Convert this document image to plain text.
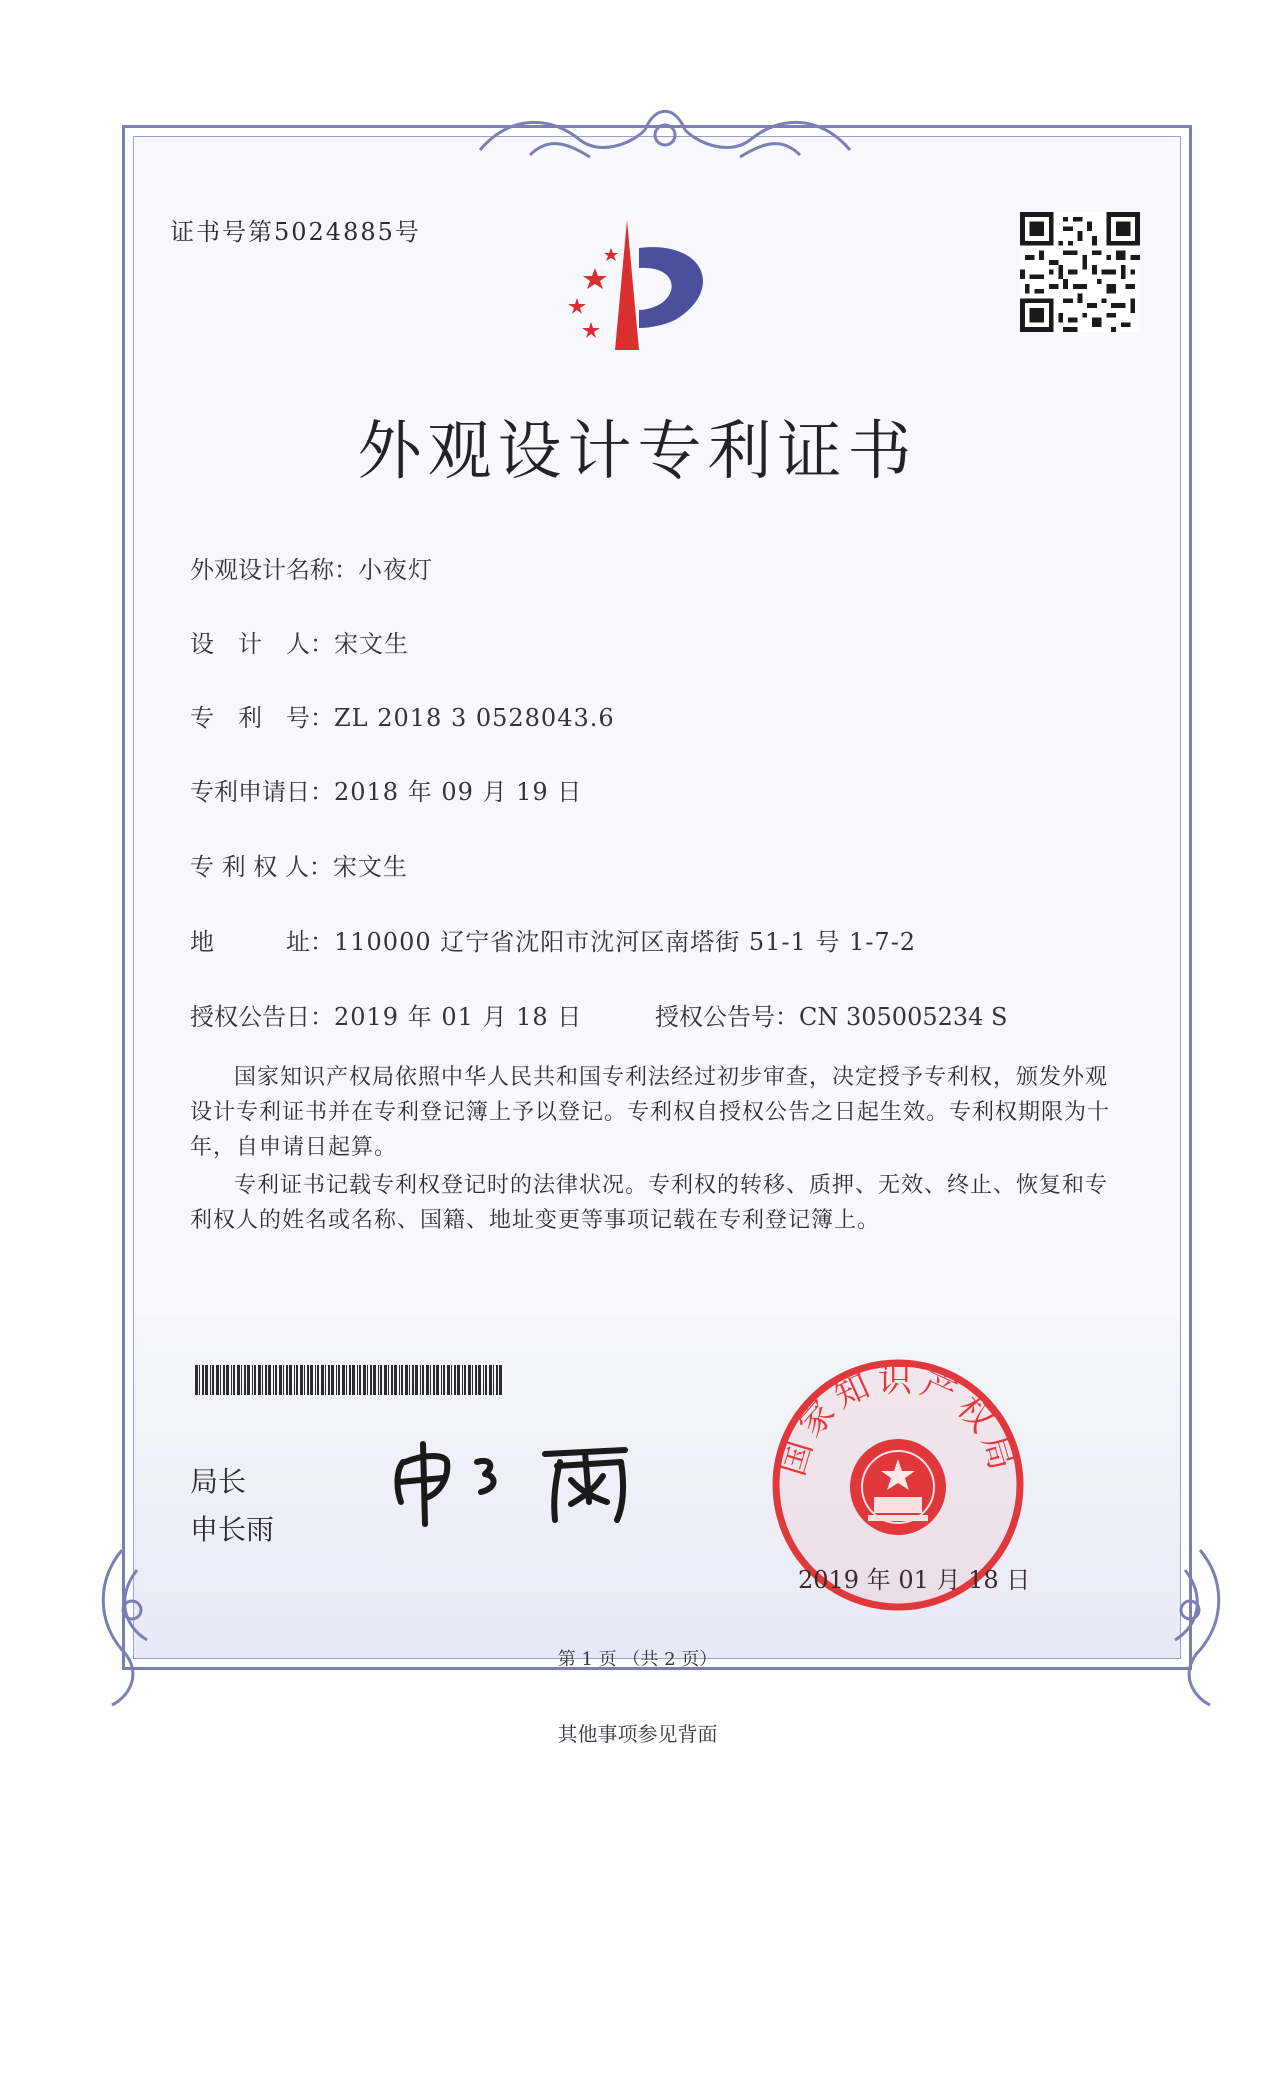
证书号第5024885号
外观设计专利证书
外观设计名称：小夜灯
设　计　人：宋文生
专　利　号：ZL 2018 3 0528043.6
专利申请日：2018 年 09 月 19 日
专 利 权 人：宋文生
地　　　址：110000 辽宁省沈阳市沈河区南塔街 51-1 号 1-7-2
授权公告日：2019 年 01 月 18 日	授权公告号：CN 305005234 S
国家知识产权局依照中华人民共和国专利法经过初步审查，决定授予专利权，颁发外观设计专利证书并在专利登记簿上予以登记。专利权自授权公告之日起生效。专利权期限为十年，自申请日起算。
专利证书记载专利权登记时的法律状况。专利权的转移、质押、无效、终止、恢复和专利权人的姓名或名称、国籍、地址变更等事项记载在专利登记簿上。
局长
申长雨
国家知识产权局
2019 年 01 月 18 日
第 1 页 （共 2 页）
其他事项参见背面
